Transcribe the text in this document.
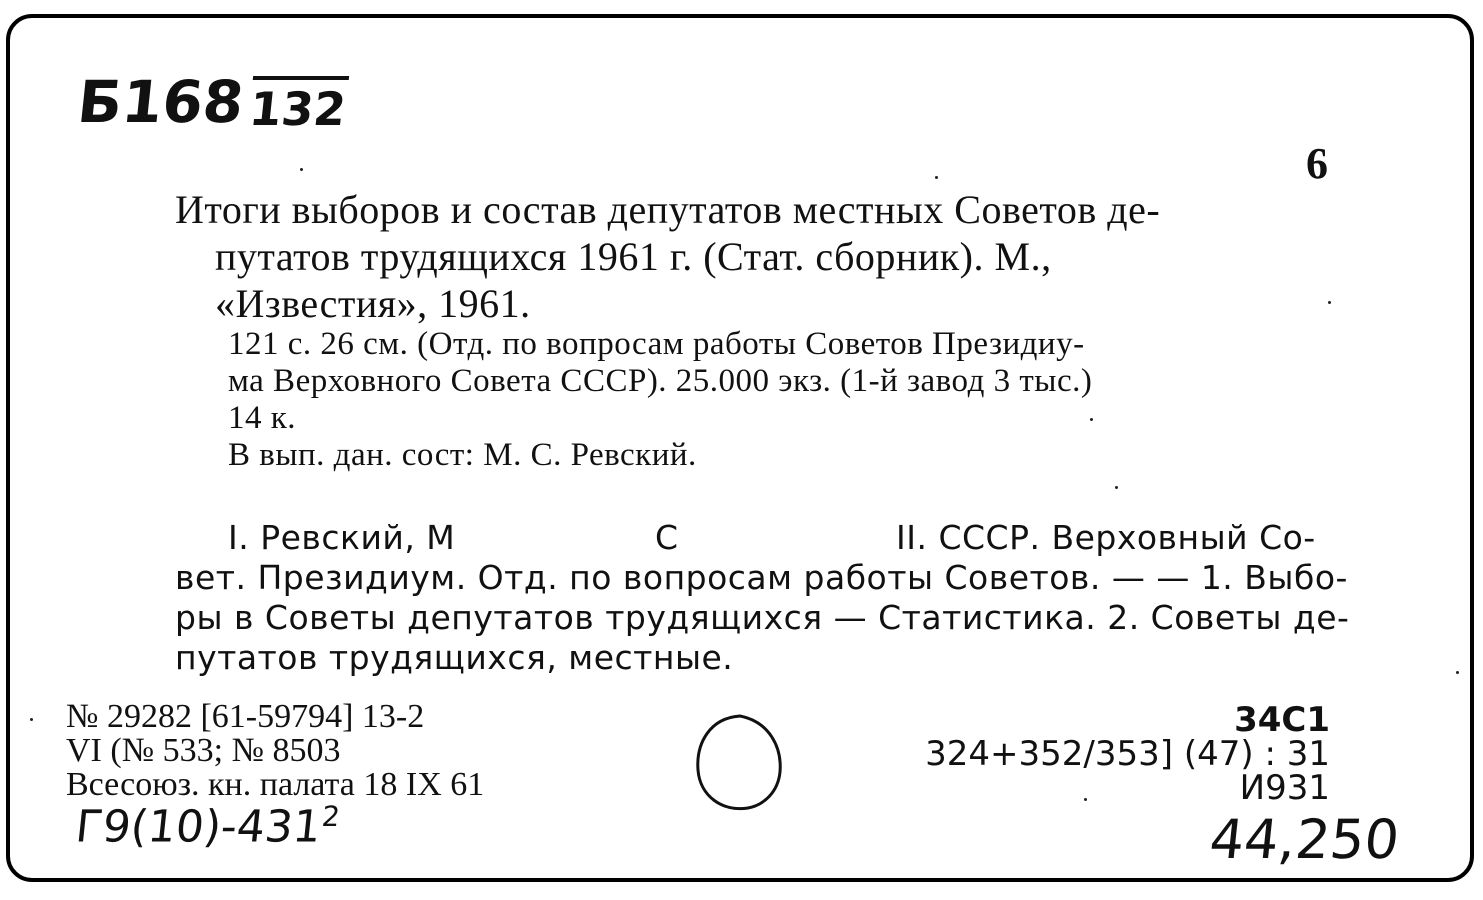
Б168 132
6
Итоги выборов и состав депутатов местных Советов де-
путатов трудящихся 1961 г. (Стат. сборник). М.,
«Известия», 1961.
121 с. 26 см. (Отд. по вопросам работы Советов Президиу-
ма Верховного Совета СССР). 25.000 экз. (1-й завод 3 тыс.)
14 к.
В вып. дан. сост: М. С. Ревский.
I. Ревский, М	С	II. СССР. Верховный Со-
вет. Президиум. Отд. по вопросам работы Советов. — — 1. Выбо-
ры в Советы депутатов трудящихся — Статистика. 2. Советы де-
путатов трудящихся, местные.
№ 29282 [61-59794] 13-2
VI (№ 533; № 8503
Всесоюз. кн. палата 18 IX 61
$Г9(10)-431^2$
34С1
324+352/353] (47) : 31
И931
44,250
